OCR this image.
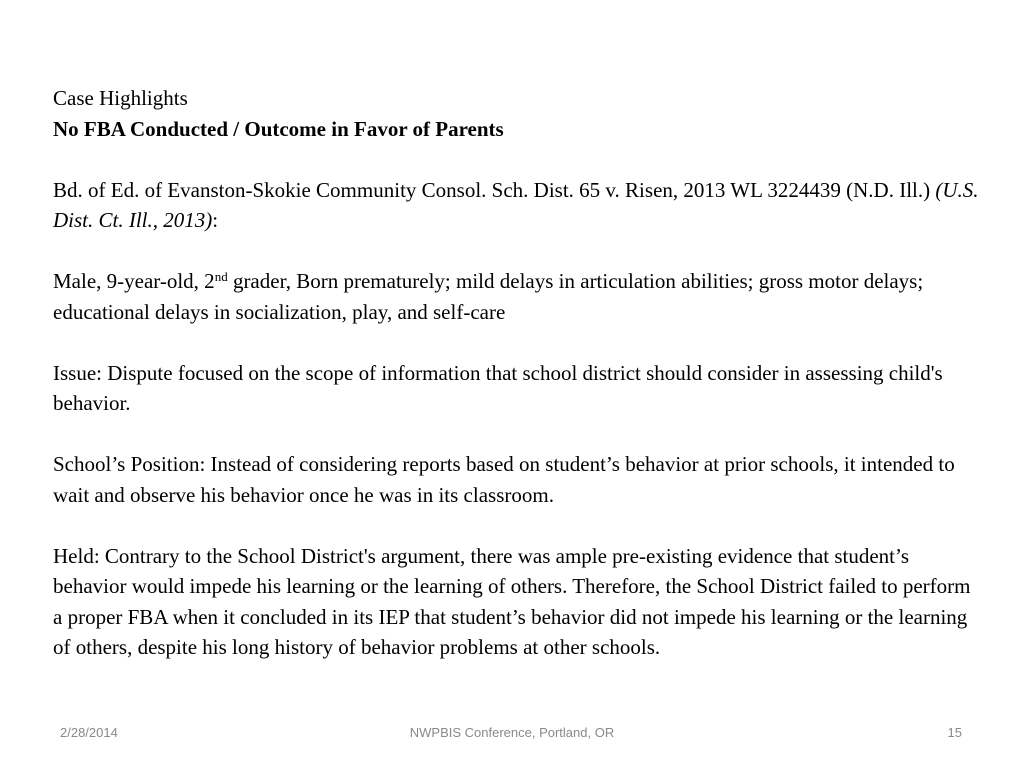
Case Highlights

No FBA Conducted / Outcome in Favor of Parents

Bd. of Ed. of Evanston-Skokie Community Consol. Sch. Dist. 65 v. Risen, 2013 WL 3224439 (N.D. Ill.) (U.S. Dist. Ct. Ill., 2013):

Male, 9-year-old, 2nd grader, Born prematurely; mild delays in articulation abilities; gross motor delays; educational delays in socialization, play, and self-care

Issue: Dispute focused on the scope of information that school district should consider in assessing child's behavior.

School’s Position: Instead of considering reports based on student’s behavior at prior schools, it intended to wait and observe his behavior once he was in its classroom.

Held: Contrary to the School District's argument, there was ample pre-existing evidence that student’s behavior would impede his learning or the learning of others. Therefore, the School District failed to perform a proper FBA when it concluded in its IEP that student’s behavior did not impede his learning or the learning of others, despite his long history of behavior problems at other schools.

2/28/2014	NWPBIS Conference, Portland, OR	15
